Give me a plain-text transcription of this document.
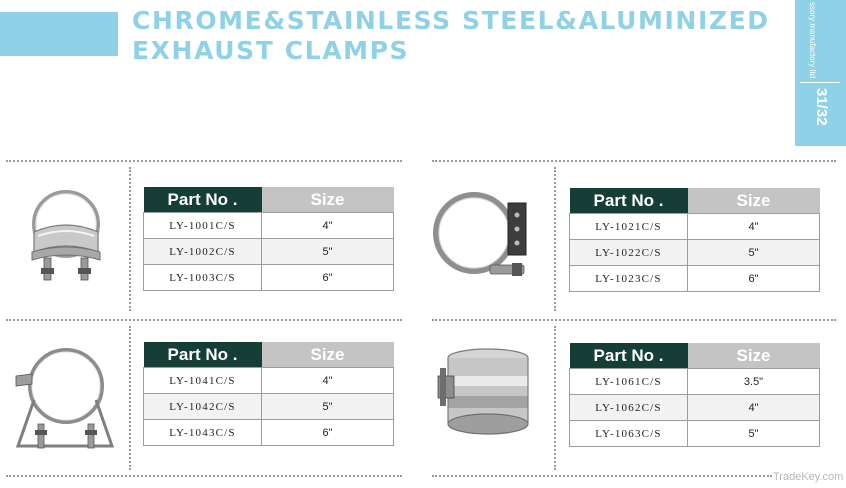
CHROME&STAINLESS STEEL&ALUMINIZED
EXHAUST CLAMPS	ssory manufactory ltd
31/32
Part No .	Size
LY-1001C/S	4"
LY-1002C/S	5"
LY-1003C/S	6"
Part No .	Size
LY-1021C/S	4"
LY-1022C/S	5"
LY-1023C/S	6"
Part No .	Size
LY-1041C/S	4"
LY-1042C/S	5"
LY-1043C/S	6"
Part No .	Size
LY-1061C/S	3.5"
LY-1062C/S	4"
LY-1063C/S	5"
TradeKey.com
